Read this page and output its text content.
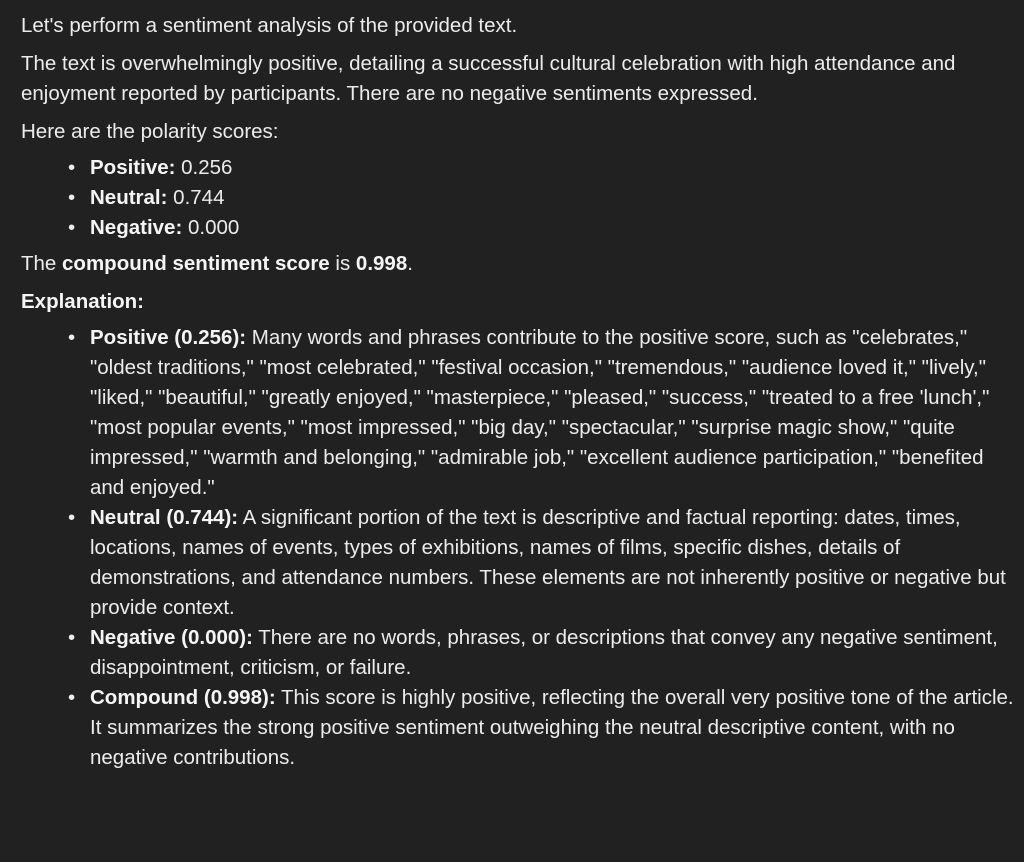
Let's perform a sentiment analysis of the provided text.

The text is overwhelmingly positive, detailing a successful cultural celebration with high attendance and enjoyment reported by participants. There are no negative sentiments expressed.

Here are the polarity scores:

• Positive: 0.256
• Neutral: 0.744
• Negative: 0.000

The compound sentiment score is 0.998.

Explanation:

• Positive (0.256): Many words and phrases contribute to the positive score, such as "celebrates," "oldest traditions," "most celebrated," "festival occasion," "tremendous," "audience loved it," "lively," "liked," "beautiful," "greatly enjoyed," "masterpiece," "pleased," "success," "treated to a free 'lunch'," "most popular events," "most impressed," "big day," "spectacular," "surprise magic show," "quite impressed," "warmth and belonging," "admirable job," "excellent audience participation," "benefited and enjoyed."
• Neutral (0.744): A significant portion of the text is descriptive and factual reporting: dates, times, locations, names of events, types of exhibitions, names of films, specific dishes, details of demonstrations, and attendance numbers. These elements are not inherently positive or negative but provide context.
• Negative (0.000): There are no words, phrases, or descriptions that convey any negative sentiment, disappointment, criticism, or failure.
• Compound (0.998): This score is highly positive, reflecting the overall very positive tone of the article. It summarizes the strong positive sentiment outweighing the neutral descriptive content, with no negative contributions.
